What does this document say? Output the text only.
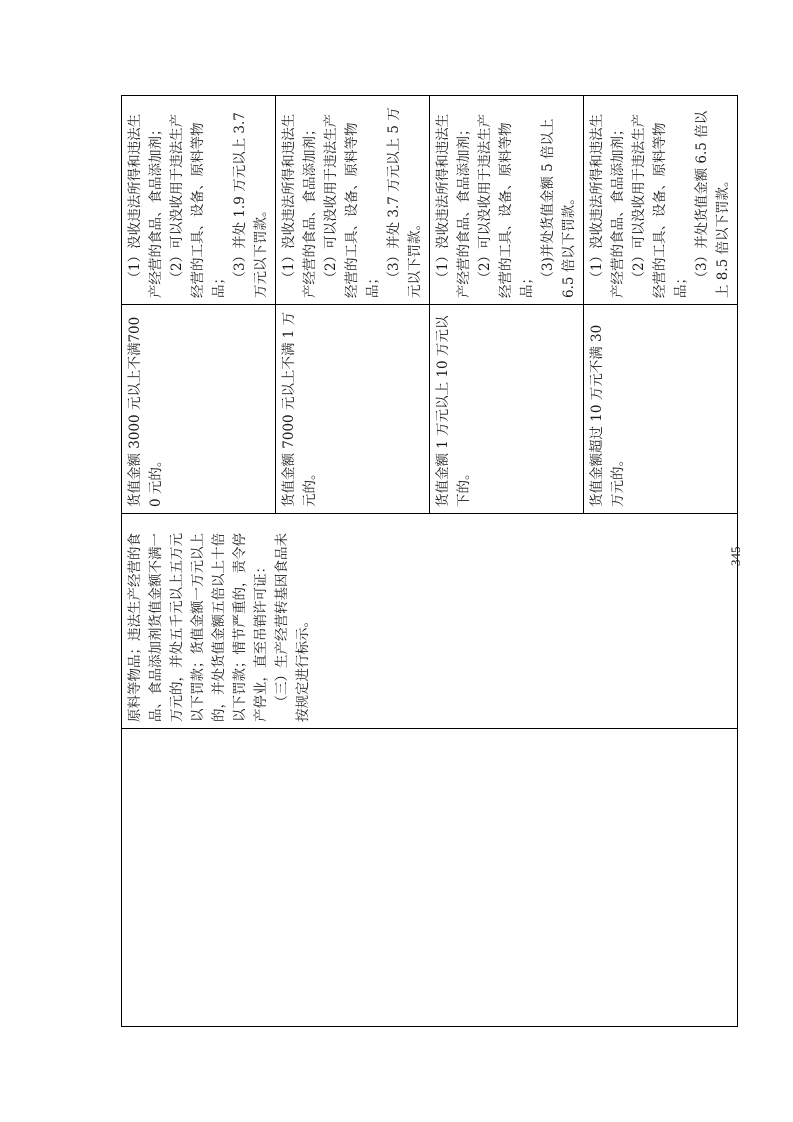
	原料等物品；违法生产经营的食品、食品添加剂货值金额不满一万元的，并处五千元以上五万元以下罚款；货值金额一万元以上的，并处货值金额五倍以上十倍以下罚款；情节严重的，责令停产停业，直至吊销许可证： （三）生产经营转基因食品未按规定进行标示。	货值金额 3000 元以上不满7000 元的。	（1）没收违法所得和违法生产经营的食品、食品添加剂； （2）可以没收用于违法生产经营的工具、设备、原料等物品； （3）并处 1.9 万元以上 3.7 万元以下罚款。

		货值金额 7000 元以上不满 1 万元的。	（1）没收违法所得和违法生产经营的食品、食品添加剂； （2）可以没收用于违法生产经营的工具、设备、原料等物品； （3）并处 3.7 万元以上 5 万元以下罚款。

		货值金额 1 万元以上 10 万元以下的。	（1）没收违法所得和违法生产经营的食品、食品添加剂； （2）可以没收用于违法生产经营的工具、设备、原料等物品； （3)并处货值金额 5 倍以上 6.5 倍以下罚款。

		货值金额超过 10 万元不满 30 万元的。	（1）没收违法所得和违法生产经营的食品、食品添加剂； （2）可以没收用于违法生产经营的工具、设备、原料等物品； （3）并处货值金额 6.5 倍以上 8.5 倍以下罚款。
345
